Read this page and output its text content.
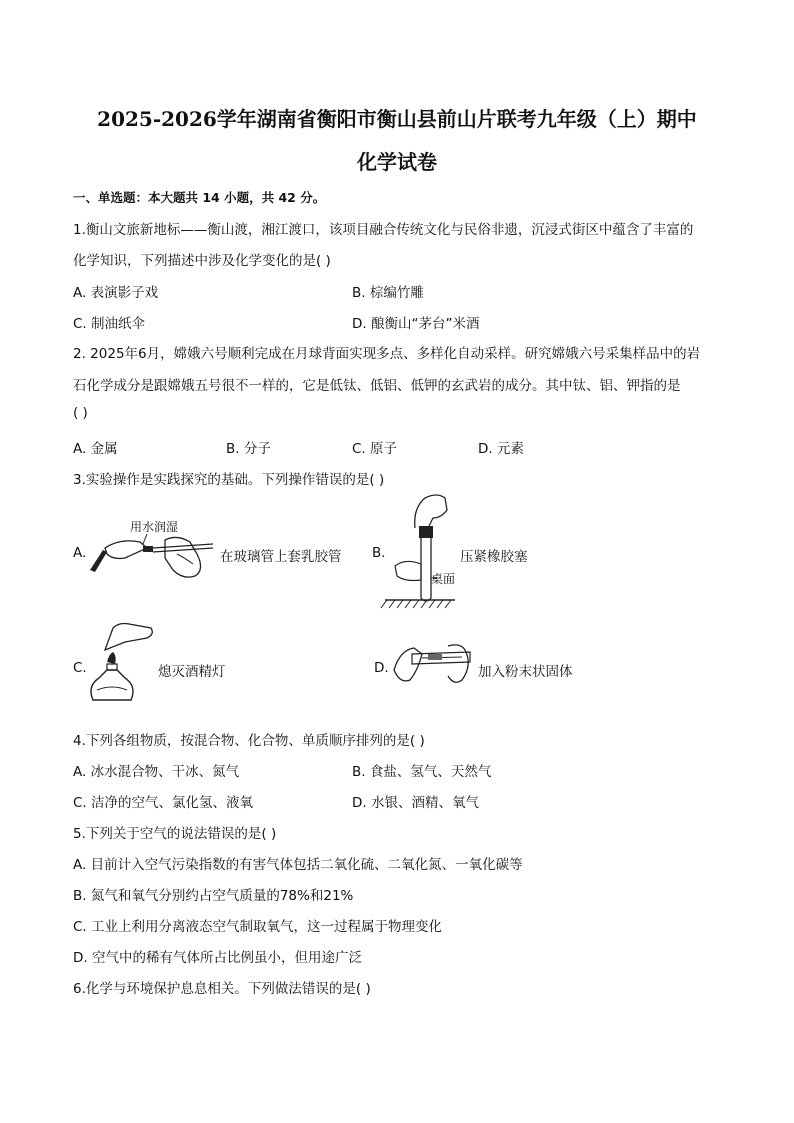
2025-2026学年湖南省衡阳市衡山县前山片联考九年级（上）期中
化学试卷
一、单选题：本大题共 14 小题，共 42 分。
1.衡山文旅新地标——衡山渡，湘江渡口，该项目融合传统文化与民俗非遗，沉浸式街区中蕴含了丰富的
化学知识，下列描述中涉及化学变化的是( )
A. 表演影子戏	B. 棕编竹雕
C. 制油纸伞	D. 酿衡山“茅台”米酒
2. 2025年6月，嫦娥六号顺利完成在月球背面实现多点、多样化自动采样。研究嫦娥六号采集样品中的岩
石化学成分是跟嫦娥五号很不一样的，它是低钛、低铝、低钾的玄武岩的成分。其中钛、铝、钾指的是
( )
A. 金属	B. 分子	C. 原子	D. 元素
3.实验操作是实践探究的基础。下列操作错误的是( )
A.
用水润湿
在玻璃管上套乳胶管 B.
桌面
压紧橡胶塞
C.	熄灭酒精灯	D.	加入粉末状固体
4.下列各组物质，按混合物、化合物、单质顺序排列的是( )
A. 冰水混合物、干冰、氮气	B. 食盐、氢气、天然气
C. 洁净的空气、氯化氢、液氧	D. 水银、酒精、氧气
5.下列关于空气的说法错误的是( )
A. 目前计入空气污染指数的有害气体包括二氧化硫、二氧化氮、一氧化碳等
B. 氮气和氧气分别约占空气质量的78%和21%
C. 工业上利用分离液态空气制取氧气，这一过程属于物理变化
D. 空气中的稀有气体所占比例虽小，但用途广泛
6.化学与环境保护息息相关。下列做法错误的是( )
